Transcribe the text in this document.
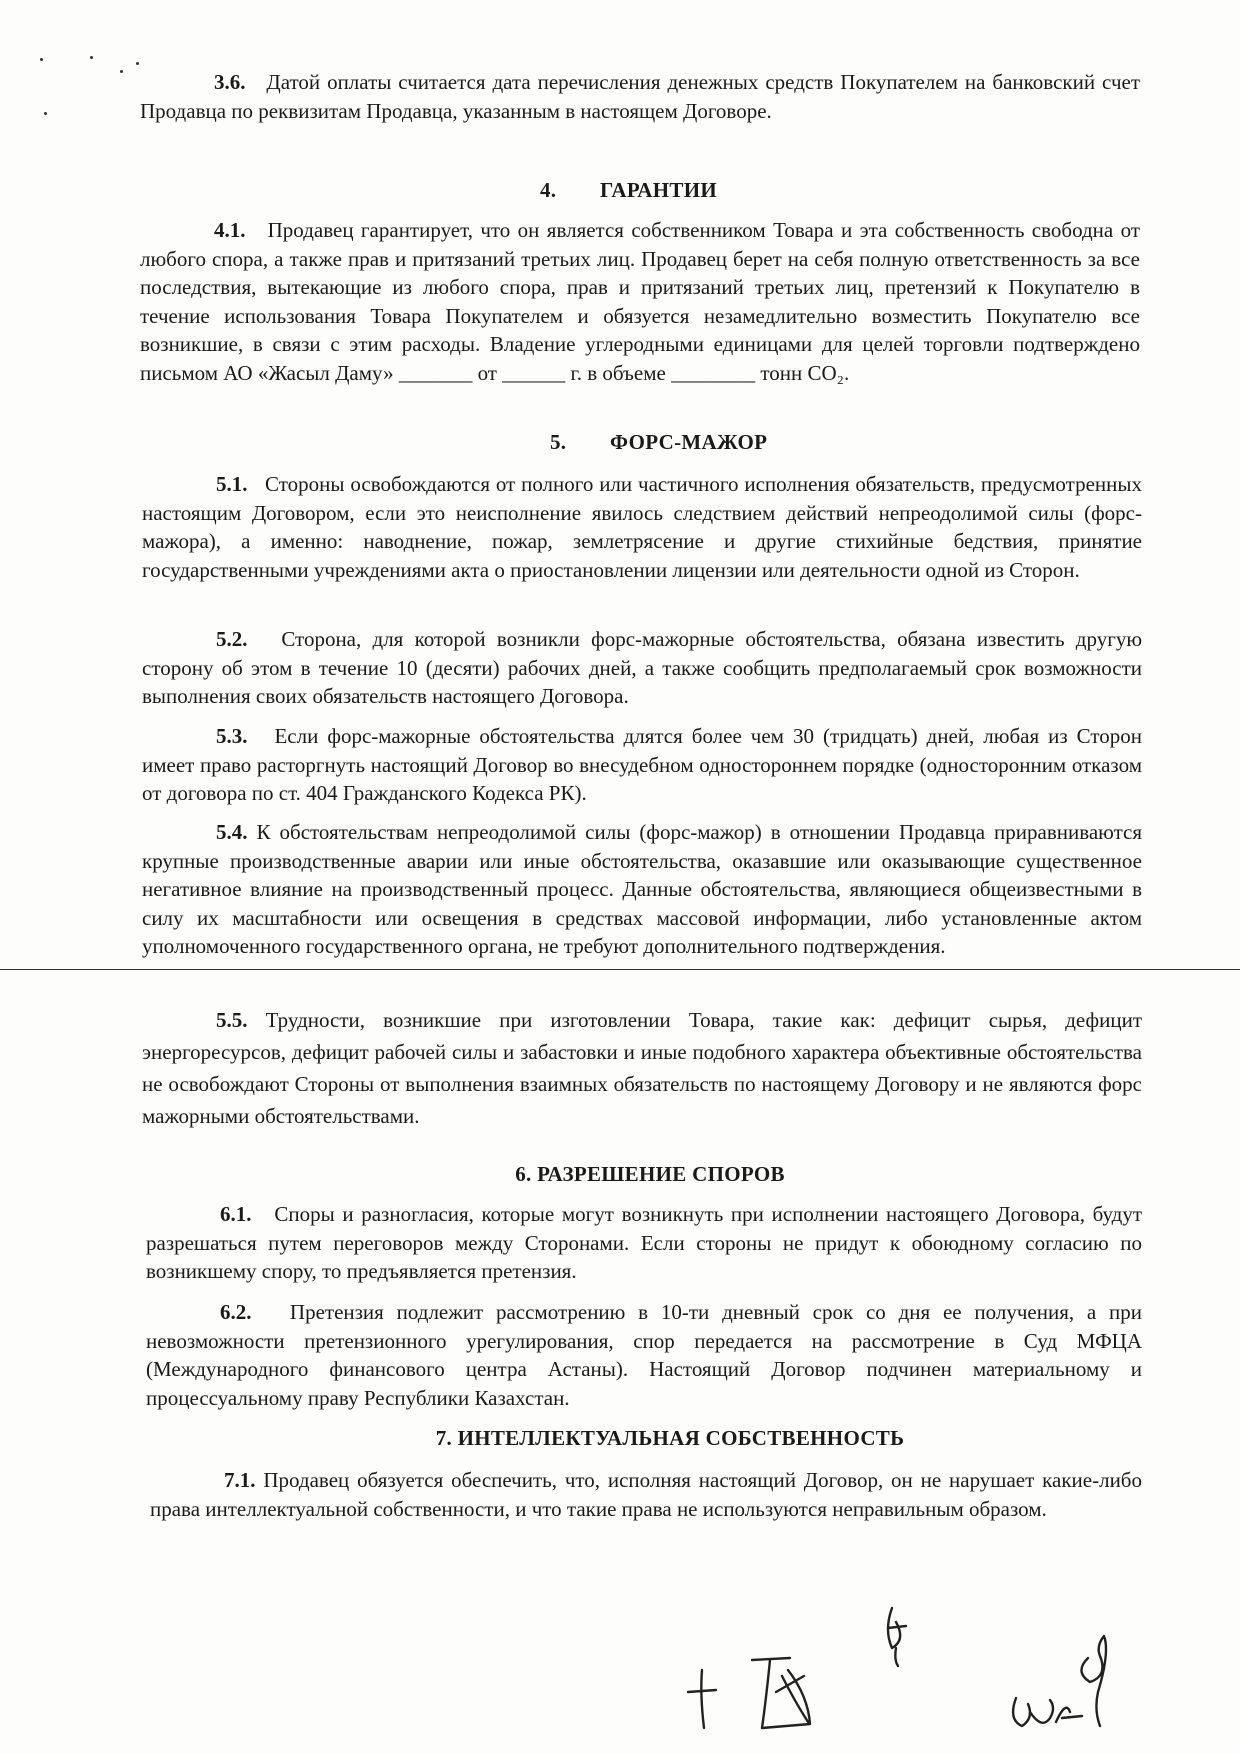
3.6. Датой оплаты считается дата перечисления денежных средств Покупателем на банковский счет Продавца по реквизитам Продавца, указанным в настоящем Договоре.

4. ГАРАНТИИ

4.1. Продавец гарантирует, что он является собственником Товара и эта собственность свободна от любого спора, а также прав и притязаний третьих лиц. Продавец берет на себя полную ответственность за все последствия, вытекающие из любого спора, прав и притязаний третьих лиц, претензий к Покупателю в течение использования Товара Покупателем и обязуется незамедлительно возместить Покупателю все возникшие, в связи с этим расходы. Владение углеродными единицами для целей торговли подтверждено письмом АО «Жасыл Даму» _______ от ______ г. в объеме ________ тонн CO₂.

5. ФОРС-МАЖОР

5.1. Стороны освобождаются от полного или частичного исполнения обязательств, предусмотренных настоящим Договором, если это неисполнение явилось следствием действий непреодолимой силы (форс-мажора), а именно: наводнение, пожар, землетрясение и другие стихийные бедствия, принятие государственными учреждениями акта о приостановлении лицензии или деятельности одной из Сторон.

5.2. Сторона, для которой возникли форс-мажорные обстоятельства, обязана известить другую сторону об этом в течение 10 (десяти) рабочих дней, а также сообщить предполагаемый срок возможности выполнения своих обязательств настоящего Договора.

5.3. Если форс-мажорные обстоятельства длятся более чем 30 (тридцать) дней, любая из Сторон имеет право расторгнуть настоящий Договор во внесудебном одностороннем порядке (односторонним отказом от договора по ст. 404 Гражданского Кодекса РК).

5.4. К обстоятельствам непреодолимой силы (форс-мажор) в отношении Продавца приравниваются крупные производственные аварии или иные обстоятельства, оказавшие или оказывающие существенное негативное влияние на производственный процесс. Данные обстоятельства, являющиеся общеизвестными в силу их масштабности или освещения в средствах массовой информации, либо установленные актом уполномоченного государственного органа, не требуют дополнительного подтверждения.

5.5. Трудности, возникшие при изготовлении Товара, такие как: дефицит сырья, дефицит энергоресурсов, дефицит рабочей силы и забастовки и иные подобного характера объективные обстоятельства не освобождают Стороны от выполнения взаимных обязательств по настоящему Договору и не являются форс мажорными обстоятельствами.

6. РАЗРЕШЕНИЕ СПОРОВ

6.1. Споры и разногласия, которые могут возникнуть при исполнении настоящего Договора, будут разрешаться путем переговоров между Сторонами. Если стороны не придут к обоюдному согласию по возникшему спору, то предъявляется претензия.

6.2. Претензия подлежит рассмотрению в 10-ти дневный срок со дня ее получения, а при невозможности претензионного урегулирования, спор передается на рассмотрение в Суд МФЦА (Международного финансового центра Астаны). Настоящий Договор подчинен материальному и процессуальному праву Республики Казахстан.

7. ИНТЕЛЛЕКТУАЛЬНАЯ СОБСТВЕННОСТЬ

7.1. Продавец обязуется обеспечить, что, исполняя настоящий Договор, он не нарушает какие-либо права интеллектуальной собственности, и что такие права не используются неправильным образом.
